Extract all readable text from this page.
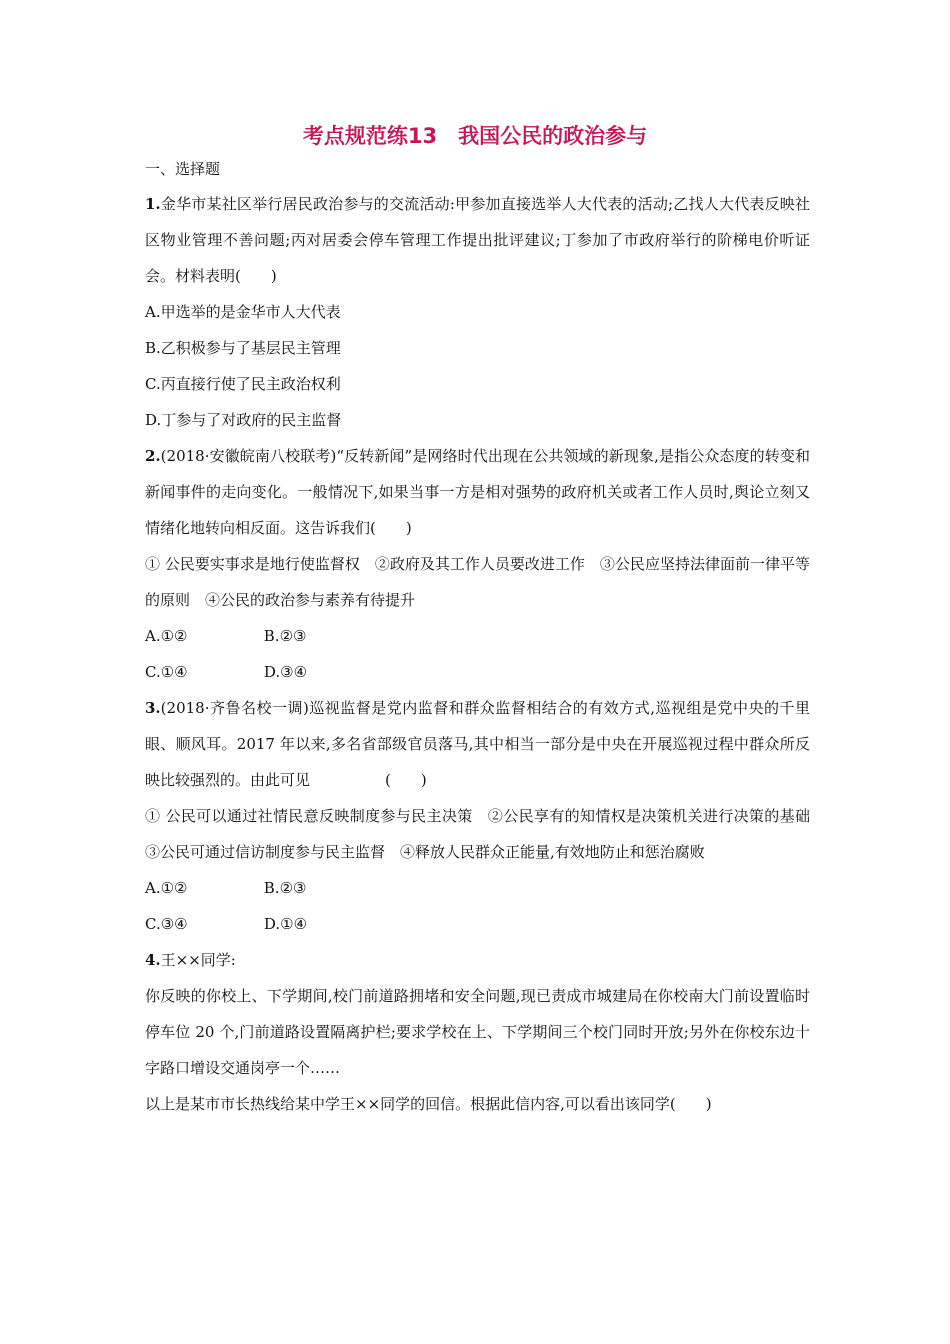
考点规范练13　我国公民的政治参与
一、选择题

1.金华市某社区举行居民政治参与的交流活动:甲参加直接选举人大代表的活动;乙找人大代表反映社区物业管理不善问题;丙对居委会停车管理工作提出批评建议;丁参加了市政府举行的阶梯电价听证会。材料表明(　　)

A.甲选举的是金华市人大代表

B.乙积极参与了基层民主管理

C.丙直接行使了民主政治权利

D.丁参与了对政府的民主监督

2.(2018·安徽皖南八校联考)“反转新闻”是网络时代出现在公共领域的新现象,是指公众态度的转变和新闻事件的走向变化。一般情况下,如果当事一方是相对强势的政府机关或者工作人员时,舆论立刻又情绪化地转向相反面。这告诉我们(　　)

① 公民要实事求是地行使监督权　②政府及其工作人员要改进工作　③公民应坚持法律面前一律平等的原则　④公民的政治参与素养有待提升

A.①②                B.②③

C.①④                D.③④

3.(2018·齐鲁名校一调)巡视监督是党内监督和群众监督相结合的有效方式,巡视组是党中央的千里眼、顺风耳。2017 年以来,多名省部级官员落马,其中相当一部分是中央在开展巡视过程中群众所反映比较强烈的。由此可见　　　　　(　　)

① 公民可以通过社情民意反映制度参与民主决策　②公民享有的知情权是决策机关进行决策的基础　③公民可通过信访制度参与民主监督　④释放人民群众正能量,有效地防止和惩治腐败

A.①②                B.②③

C.③④                D.①④

4.王××同学:

你反映的你校上、下学期间,校门前道路拥堵和安全问题,现已责成市城建局在你校南大门前设置临时停车位 20 个,门前道路设置隔离护栏;要求学校在上、下学期间三个校门同时开放;另外在你校东边十字路口增设交通岗亭一个……

以上是某市市长热线给某中学王××同学的回信。根据此信内容,可以看出该同学(　　)
